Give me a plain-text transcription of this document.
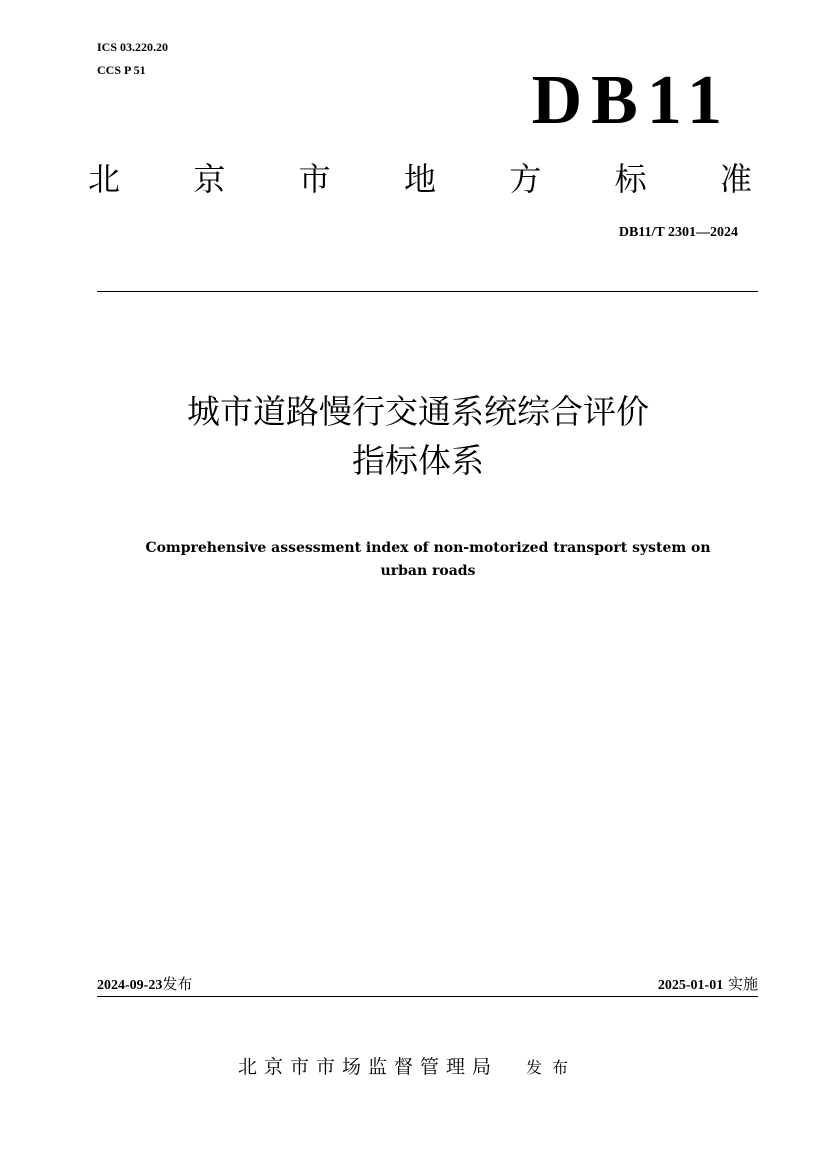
ICS 03.220.20
CCS P 51	DB11
北 京 市 地 方 标 准
DB11/T 2301—2024
城市道路慢行交通系统综合评价
指标体系
Comprehensive assessment index of non-motorized transport system on
urban roads
2024-09-23发布	2025-01-01 实施
北京市市场监督管理局 发布
